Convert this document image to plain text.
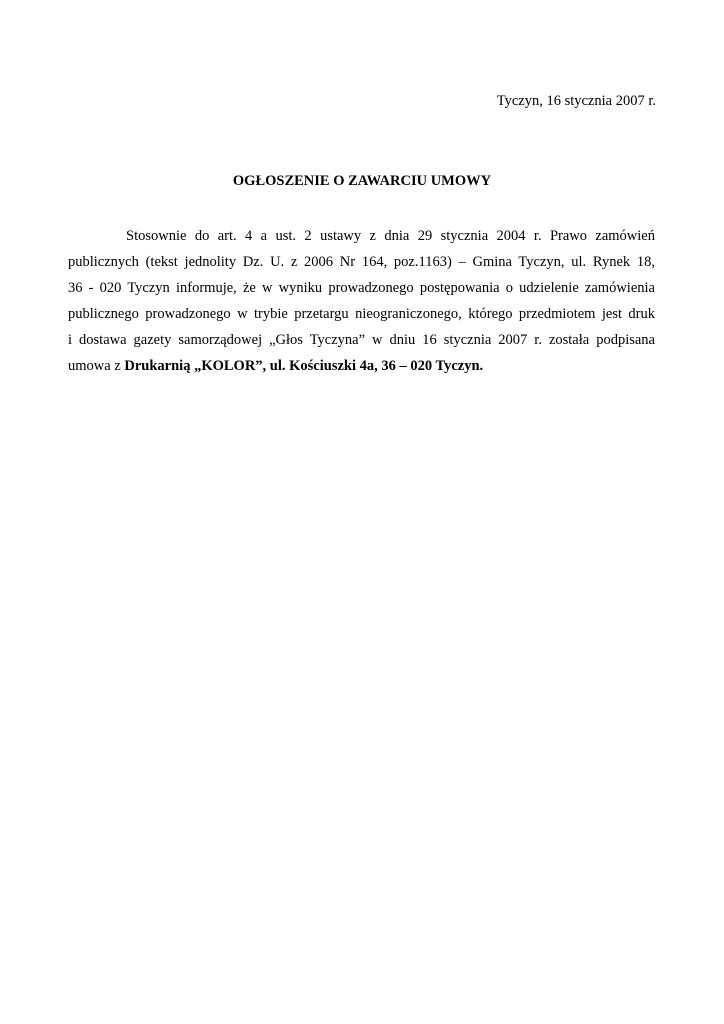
Tyczyn, 16 stycznia 2007 r.
OGŁOSZENIE O ZAWARCIU UMOWY
Stosownie do art. 4 a ust. 2 ustawy z dnia 29 stycznia 2004 r. Prawo zamówień
publicznych (tekst jednolity Dz. U. z 2006 Nr 164, poz.1163) – Gmina Tyczyn, ul. Rynek 18,
36 - 020 Tyczyn informuje, że w wyniku prowadzonego postępowania o udzielenie zamówienia
publicznego prowadzonego w trybie przetargu nieograniczonego, którego przedmiotem jest druk
i dostawa gazety samorządowej „Głos Tyczyna” w dniu 16 stycznia 2007 r. została podpisana
umowa z Drukarnią „KOLOR”, ul. Kościuszki 4a, 36 – 020 Tyczyn.
